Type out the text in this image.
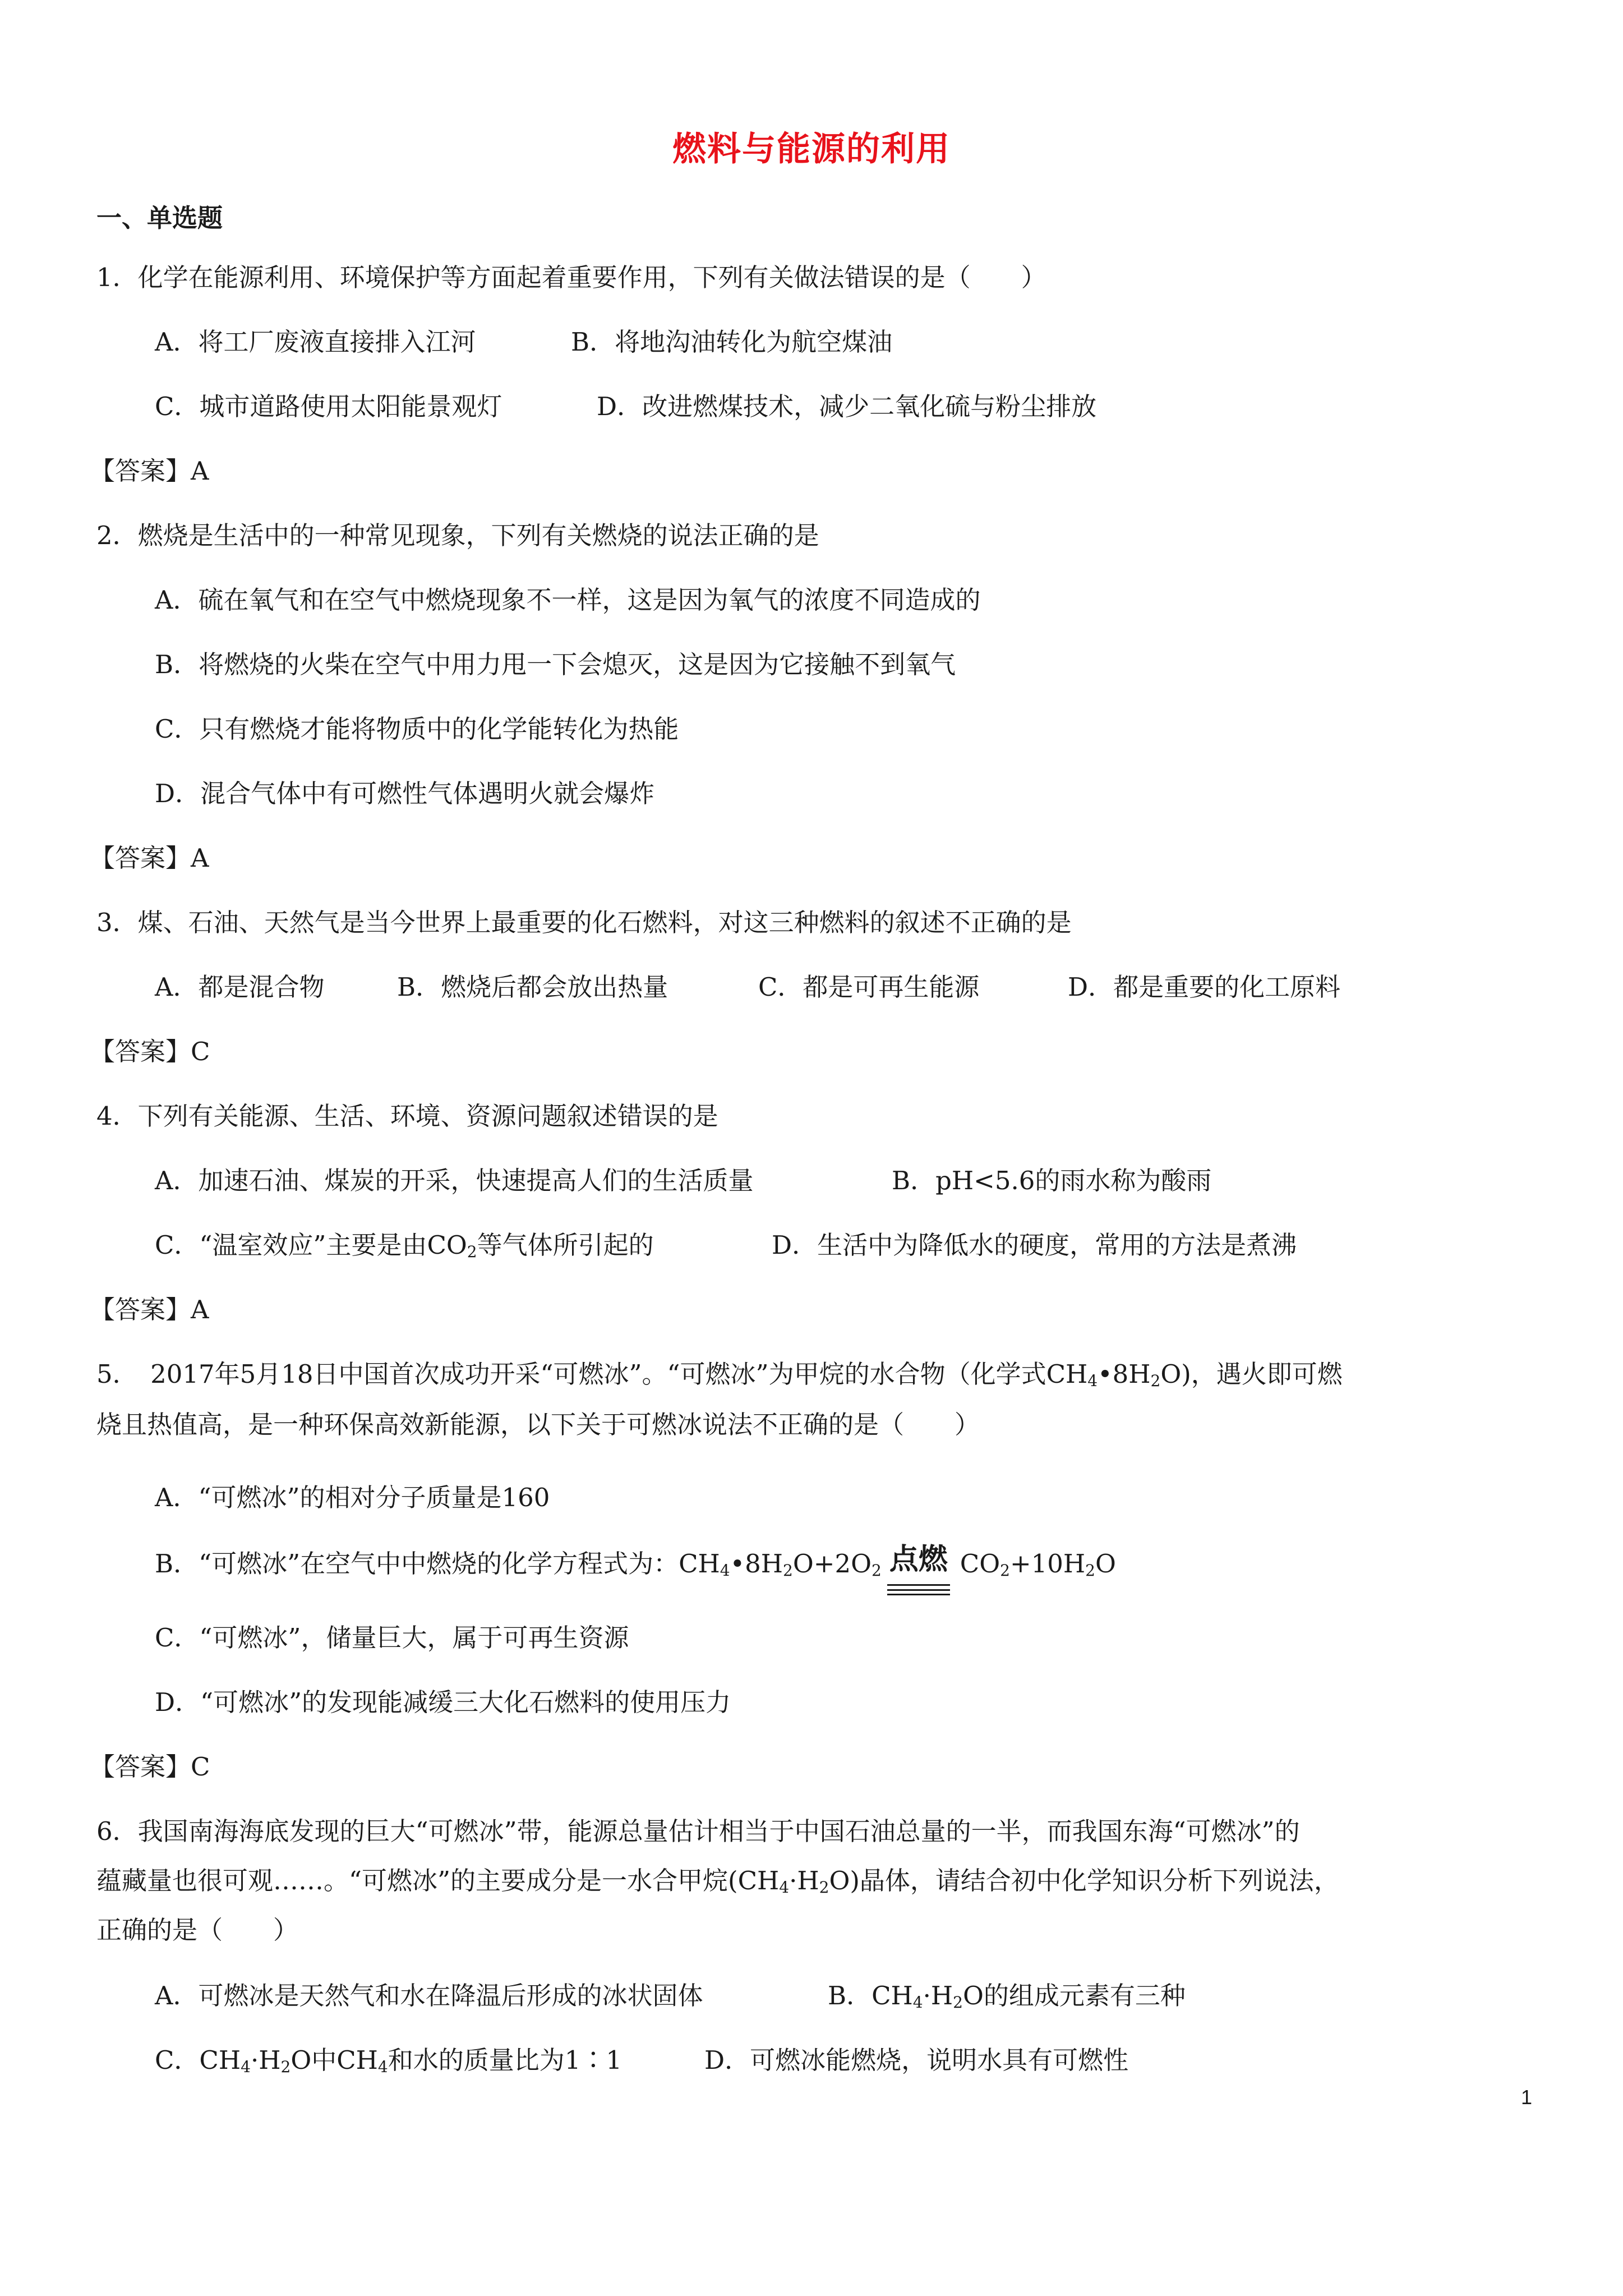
燃料与能源的利用
一、单选题
1．化学在能源利用、环境保护等方面起着重要作用，下列有关做法错误的是（　　）
A．将工厂废液直接排入江河	B．将地沟油转化为航空煤油
C．城市道路使用太阳能景观灯	D．改进燃煤技术，减少二氧化硫与粉尘排放
【答案】A
2．燃烧是生活中的一种常见现象，下列有关燃烧的说法正确的是
A．硫在氧气和在空气中燃烧现象不一样，这是因为氧气的浓度不同造成的
B．将燃烧的火柴在空气中用力甩一下会熄灭，这是因为它接触不到氧气
C．只有燃烧才能将物质中的化学能转化为热能
D．混合气体中有可燃性气体遇明火就会爆炸
【答案】A
3．煤、石油、天然气是当今世界上最重要的化石燃料，对这三种燃料的叙述不正确的是
A．都是混合物	B．燃烧后都会放出热量	C．都是可再生能源	D．都是重要的化工原料
【答案】C
4．下列有关能源、生活、环境、资源问题叙述错误的是
A．加速石油、煤炭的开采，快速提高人们的生活质量	B．pH<5.6的雨水称为酸雨
C．“温室效应”主要是由$CO_2$等气体所引起的	D．生活中为降低水的硬度，常用的方法是煮沸
【答案】A
5．　2017年5月18日中国首次成功开采“可燃冰”。“可燃冰”为甲烷的水合物（化学式$CH_4•8H_2O$)，遇火即可燃
烧且热值高，是一种环保高效新能源，以下关于可燃冰说法不正确的是（　　）
A．“可燃冰”的相对分子质量是160
B．“可燃冰”在空气中中燃烧的化学方程式为：$CH_4•8H_2O+2O_2$ 点燃 $CO_2+10H_2O$
C．“可燃冰”，储量巨大，属于可再生资源
D．“可燃冰”的发现能减缓三大化石燃料的使用压力
【答案】C
6．我国南海海底发现的巨大“可燃冰”带，能源总量估计相当于中国石油总量的一半，而我国东海“可燃冰”的
蕴藏量也很可观……。“可燃冰”的主要成分是一水合甲烷$(CH_4\cdot H_2O)$晶体，请结合初中化学知识分析下列说法，
正确的是（　　）
A．可燃冰是天然气和水在降温后形成的冰状固体	B．$CH_4\cdot H_2O$的组成元素有三种
C．$CH_4\cdot H_2O$中$CH_4$和水的质量比为1∶1	D．可燃冰能燃烧，说明水具有可燃性
1
